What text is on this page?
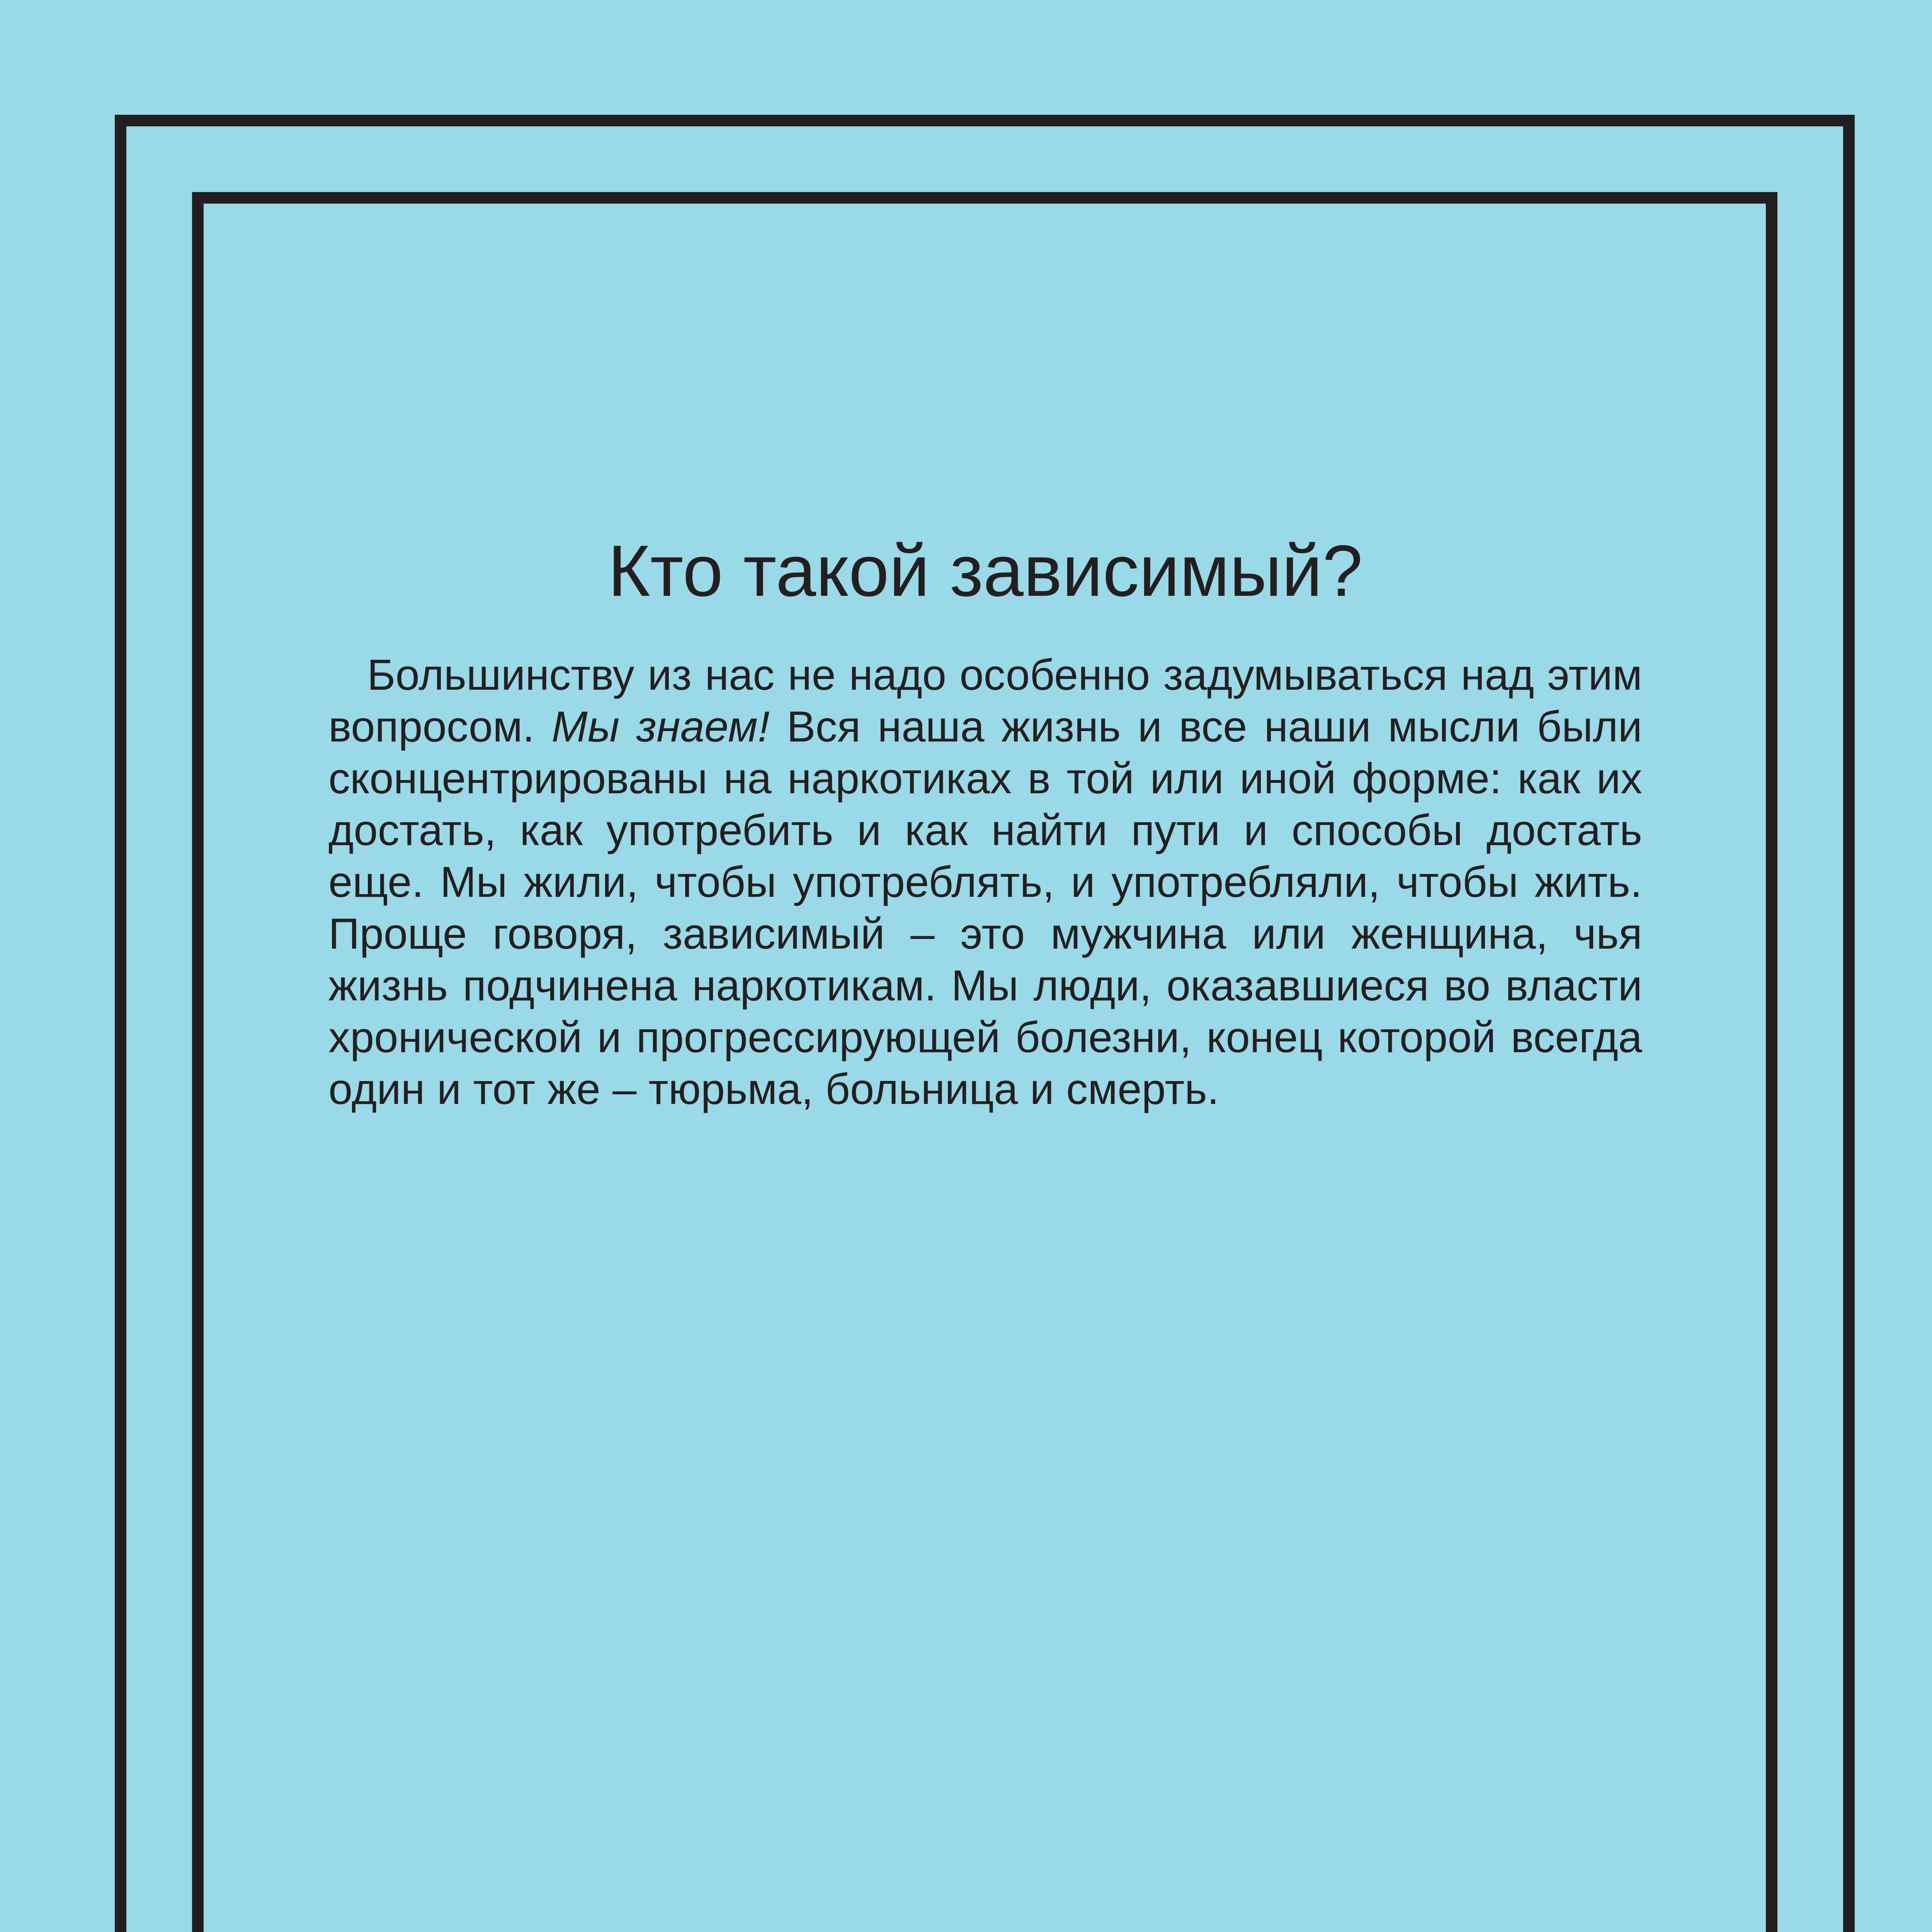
Кто такой зависимый?

Большинству из нас не надо особенно задумываться над этим вопросом. Мы знаем! Вся наша жизнь и все наши мысли были сконцентрированы на наркотиках в той или иной форме: как их достать, как употребить и как найти пути и способы достать еще. Мы жили, чтобы употреблять, и употребляли, чтобы жить. Проще говоря, зависимый – это мужчина или женщина, чья жизнь подчинена наркотикам. Мы люди, оказавшиеся во власти хронической и прогрессирующей болезни, конец которой всегда один и тот же – тюрьма, больница и смерть.
